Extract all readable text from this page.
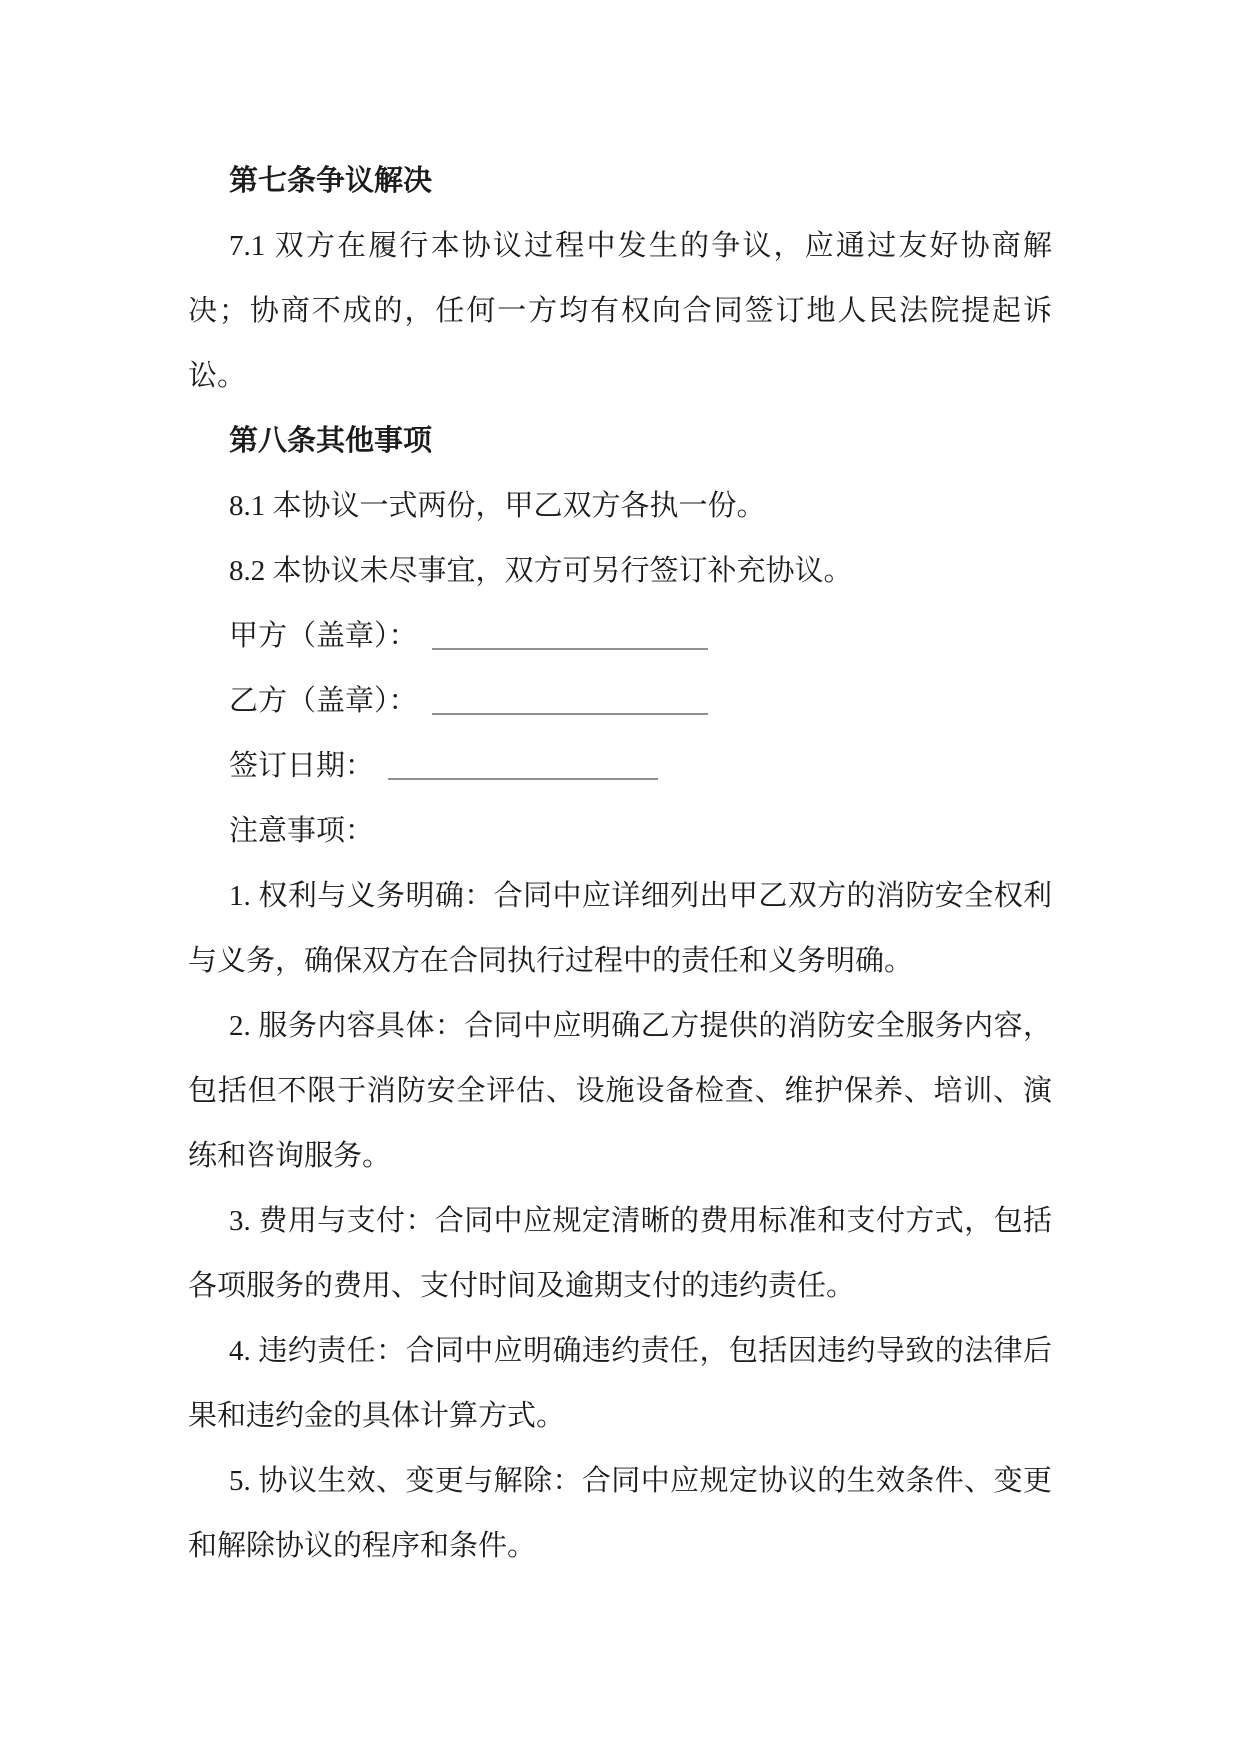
第七条争议解决
7.1 双方在履行本协议过程中发生的争议，应通过友好协商解
决；协商不成的，任何一方均有权向合同签订地人民法院提起诉
讼。
第八条其他事项
8.1 本协议一式两份，甲乙双方各执一份。
8.2 本协议未尽事宜，双方可另行签订补充协议。
甲方（盖章）：
乙方（盖章）：
签订日期：
注意事项：
1. 权利与义务明确：合同中应详细列出甲乙双方的消防安全权利
与义务，确保双方在合同执行过程中的责任和义务明确。
2. 服务内容具体：合同中应明确乙方提供的消防安全服务内容，
包括但不限于消防安全评估、设施设备检查、维护保养、培训、演
练和咨询服务。
3. 费用与支付：合同中应规定清晰的费用标准和支付方式，包括
各项服务的费用、支付时间及逾期支付的违约责任。
4. 违约责任：合同中应明确违约责任，包括因违约导致的法律后
果和违约金的具体计算方式。
5. 协议生效、变更与解除：合同中应规定协议的生效条件、变更
和解除协议的程序和条件。
